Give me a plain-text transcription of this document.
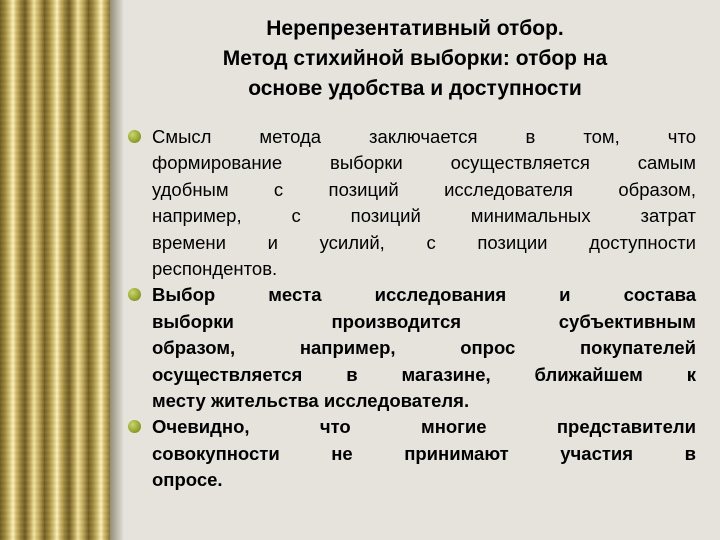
Нерепрезентативный отбор.
Метод стихийной выборки: отбор на
основе удобства и доступности
Смысл метода заключается в том, что
формирование выборки осуществляется самым
удобным с позиций исследователя образом,
например, с позиций минимальных затрат
времени и усилий, с позиции доступности
респондентов.
Выбор места исследования и состава
выборки производится субъективным
образом, например, опрос покупателей
осуществляется в магазине, ближайшем к
месту жительства исследователя.
Очевидно, что многие представители
совокупности не принимают участия в
опросе.
